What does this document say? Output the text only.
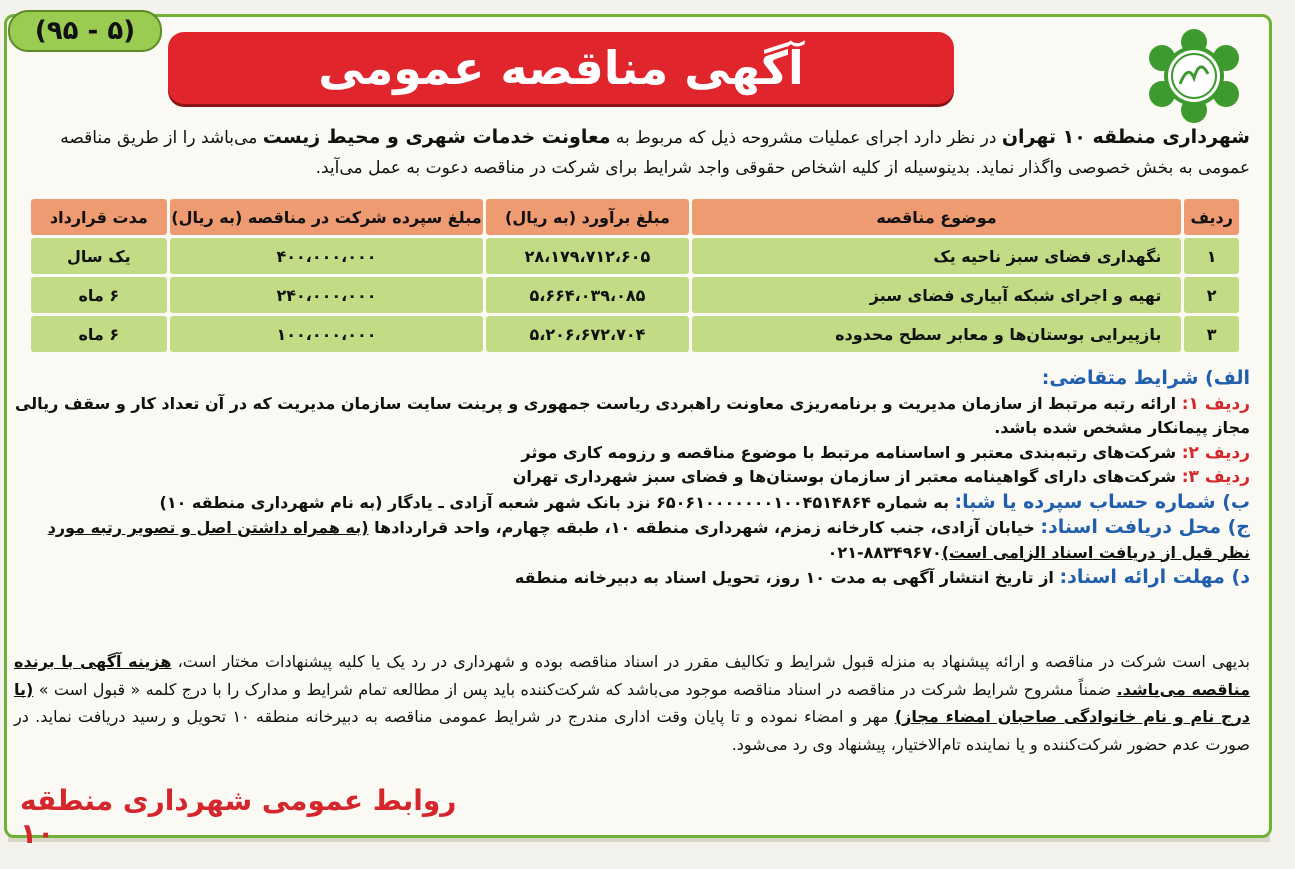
(۹۵ - ۵)
آگهی مناقصه عمومی
شهرداری منطقه ۱۰ تهران در نظر دارد اجرای عملیات مشروحه ذیل که مربوط به معاونت خدمات شهری و محیط زیست می‌باشد را از طریق مناقصه عمومی به بخش خصوصی واگذار نماید. بدینوسیله از کلیه اشخاص حقوقی واجد شرایط برای شرکت در مناقصه دعوت به عمل می‌آید.
ردیف	موضوع مناقصه	مبلغ برآورد (به ریال)	مبلغ سپرده شرکت در مناقصه (به ریال)	مدت قرارداد
۱	نگهداری فضای سبز ناحیه یک	۲۸،۱۷۹،۷۱۲،۶۰۵	۴۰۰،۰۰۰،۰۰۰	یک سال
۲	تهیه و اجرای شبکه آبیاری فضای سبز	۵،۶۶۴،۰۳۹،۰۸۵	۲۴۰،۰۰۰،۰۰۰	۶ ماه
۳	بازپیرایی بوستان‌ها و معابر سطح محدوده	۵،۲۰۶،۶۷۲،۷۰۴	۱۰۰،۰۰۰،۰۰۰	۶ ماه

الف) شرایط متقاضی:

ردیف ۱: ارائه رتبه مرتبط از سازمان مدیریت و برنامه‌ریزی معاونت راهبردی ریاست جمهوری و پرینت سایت سازمان مدیریت که در آن تعداد کار و سقف ریالی مجاز پیمانکار مشخص شده باشد.

ردیف ۲: شرکت‌های رتبه‌بندی معتبر و اساسنامه مرتبط با موضوع مناقصه و رزومه کاری موثر

ردیف ۳: شرکت‌های دارای گواهینامه معتبر از سازمان بوستان‌ها و فضای سبز شهرداری تهران

ب) شماره حساب سپرده یا شبا: به شماره ۶۵۰۶۱۰۰۰۰۰۰۰۱۰۰۴۵۱۴۸۶۴ نزد بانک شهر شعبه آزادی ـ یادگار (به نام شهرداری منطقه ۱۰)

ج) محل دریافت اسناد: خیابان آزادی، جنب کارخانه زمزم، شهرداری منطقه ۱۰، طبقه چهارم، واحد قراردادها (به همراه داشتن اصل و تصویر رتبه مورد نظر قبل از دریافت اسناد الزامی است) ۰۲۱-۸۸۳۴۹۶۷۰

د) مهلت ارائه اسناد: از تاریخ انتشار آگهی به مدت ۱۰ روز، تحویل اسناد به دبیرخانه منطقه

بدیهی است شرکت در مناقصه و ارائه پیشنهاد به منزله قبول شرایط و تکالیف مقرر در اسناد مناقصه بوده و شهرداری در رد یک یا کلیه پیشنهادات مختار است، هزینه آگهی با برنده مناقصه می‌باشد. ضمناً مشروح شرایط شرکت در مناقصه در اسناد مناقصه موجود می‌باشد که شرکت‌کننده باید پس از مطالعه تمام شرایط و مدارک را با درج کلمه « قبول است » (با درج نام و نام خانوادگی صاحبان امضاء مجاز) مهر و امضاء نموده و تا پایان وقت اداری مندرج در شرایط عمومی مناقصه به دبیرخانه منطقه ۱۰ تحویل و رسید دریافت نماید. در صورت عدم حضور شرکت‌کننده و یا نماینده تام‌الاختیار، پیشنهاد وی رد می‌شود.
روابط عمومی شهرداری منطقه ۱۰
